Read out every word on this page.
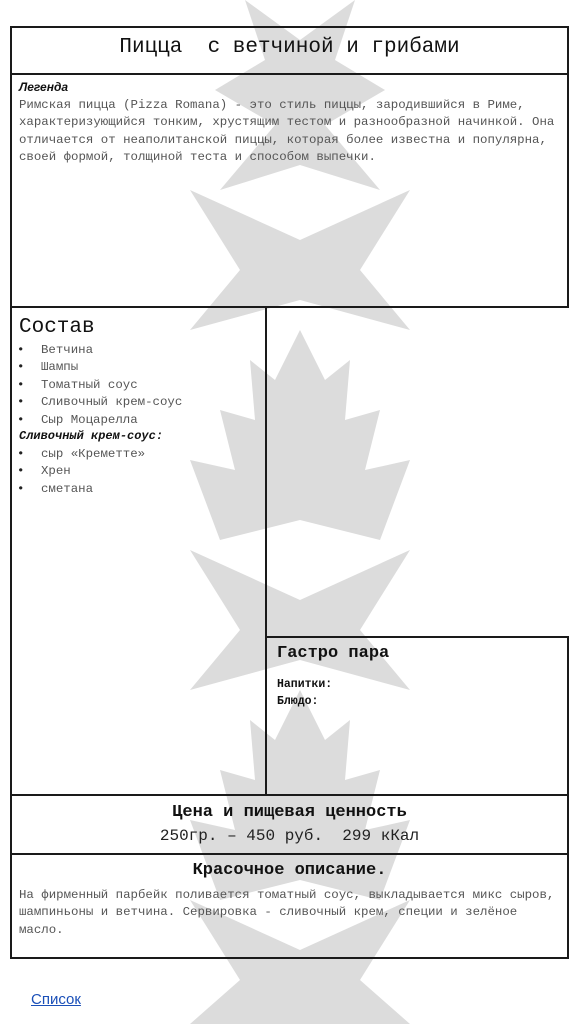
Пицца  с ветчиной и грибами
Легенда
Римская пицца (Pizza Romana) - это стиль пиццы, зародившийся в Риме, характеризующийся тонким, хрустящим тестом и разнообразной начинкой. Она отличается от неаполитанской пиццы, которая более известна и популярна, своей формой, толщиной теста и способом выпечки.
Состав
• Ветчина
• Шампы
• Томатный соус
• Сливочный крем-соус
• Сыр Моцарелла
Сливочный крем-соус:
• сыр «Креметте»
• Хрен
• сметана
Гастро пара
Напитки:
Блюдо:
Цена и пищевая ценность
250гр. – 450 руб.  299 кКал
Красочное описание.
На фирменный парбейк поливается томатный соус, выкладывается микс сыров, шампиньоны и ветчина. Сервировка - сливочный крем, специи и зелёное масло.
Список
